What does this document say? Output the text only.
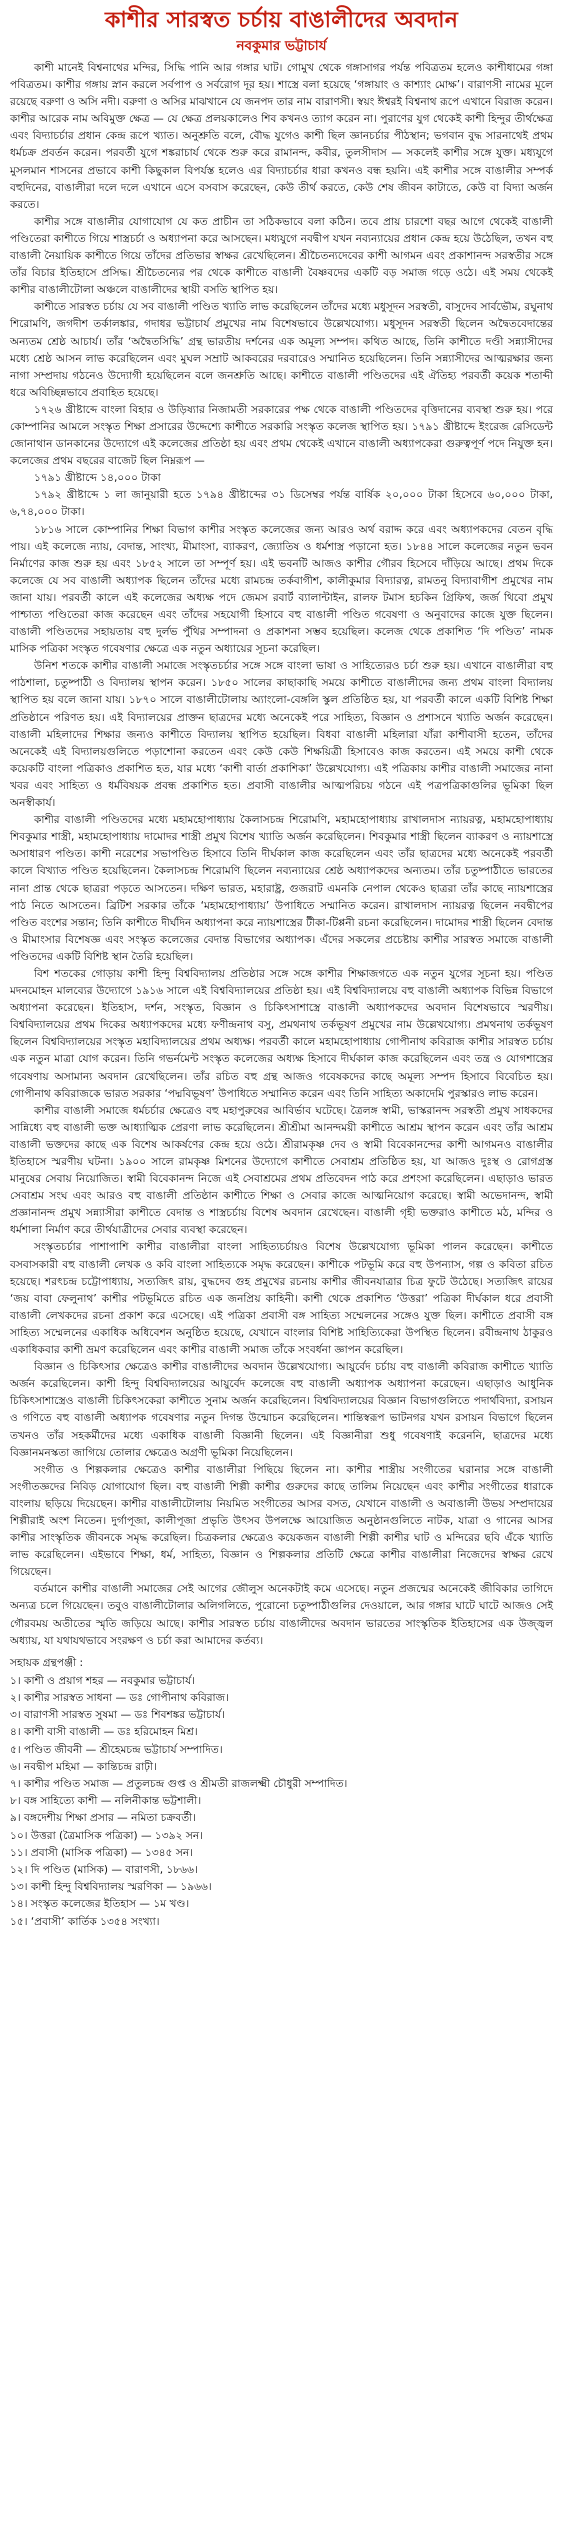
কাশীর সারস্বত চর্চায় বাঙালীদের অবদান
নবকুমার ভট্টাচার্য

কাশী মানেই বিশ্বনাথের মন্দির, সিদ্ধি পানি আর গঙ্গার ঘাট। গোমুখ থেকে গঙ্গাসাগর পর্যন্ত পবিত্রতম হলেও কাশীধামের গঙ্গা পবিত্রতম। কাশীর গঙ্গায় স্নান করলে সর্বপাপ ও সর্বরোগ দূর হয়। শাস্ত্রে বলা হয়েছে ‘গঙ্গায়াং ও কাশ্যাং মোক্ষ’। বারাণসী নামের মূলে রয়েছে বরুণা ও অসি নদী। বরুণা ও অসির মাঝখানে যে জনপদ তার নাম বারাণসী। স্বয়ং ঈশ্বরই বিশ্বনাথ রূপে এখানে বিরাজ করেন। কাশীর আরেক নাম অবিমুক্ত ক্ষেত্র — যে ক্ষেত্র প্রলয়কালেও শিব কখনও ত্যাগ করেন না। পুরাণের যুগ থেকেই কাশী হিন্দুর তীর্থক্ষেত্র এবং বিদ্যাচর্চার প্রধান কেন্দ্র রূপে খ্যাত। অনুশ্রুতি বলে, বৌদ্ধ যুগেও কাশী ছিল জ্ঞানচর্চার পীঠস্থান; ভগবান বুদ্ধ সারনাথেই প্রথম ধর্মচক্র প্রবর্তন করেন। পরবর্তী যুগে শঙ্করাচার্য থেকে শুরু করে রামানন্দ, কবীর, তুলসীদাস — সকলেই কাশীর সঙ্গে যুক্ত। মধ্যযুগে মুসলমান শাসনের প্রভাবে কাশী কিছুকাল বিপর্যস্ত হলেও এর বিদ্যাচর্চার ধারা কখনও বন্ধ হয়নি। এই কাশীর সঙ্গে বাঙালীর সম্পর্ক বহুদিনের, বাঙালীরা দলে দলে এখানে এসে বসবাস করেছেন, কেউ তীর্থ করতে, কেউ শেষ জীবন কাটাতে, কেউ বা বিদ্যা অর্জন করতে।

কাশীর সঙ্গে বাঙালীর যোগাযোগ যে কত প্রাচীন তা সঠিকভাবে বলা কঠিন। তবে প্রায় চারশো বছর আগে থেকেই বাঙালী পণ্ডিতেরা কাশীতে গিয়ে শাস্ত্রচর্চা ও অধ্যাপনা করে আসছেন। মধ্যযুগে নবদ্বীপ যখন নব্যন্যায়ের প্রধান কেন্দ্র হয়ে উঠেছিল, তখন বহু বাঙালী নৈয়ায়িক কাশীতে গিয়ে তাঁদের প্রতিভার স্বাক্ষর রেখেছিলেন। শ্রীচৈতন্যদেবের কাশী আগমন এবং প্রকাশানন্দ সরস্বতীর সঙ্গে তাঁর বিচার ইতিহাসে প্রসিদ্ধ। শ্রীচৈতন্যের পর থেকে কাশীতে বাঙালী বৈষ্ণবদের একটি বড় সমাজ গড়ে ওঠে। এই সময় থেকেই কাশীর বাঙালীটোলা অঞ্চলে বাঙালীদের স্থায়ী বসতি স্থাপিত হয়।

কাশীতে সারস্বত চর্চায় যে সব বাঙালী পণ্ডিত খ্যাতি লাভ করেছিলেন তাঁদের মধ্যে মধুসূদন সরস্বতী, বাসুদেব সার্বভৌম, রঘুনাথ শিরোমণি, জগদীশ তর্কালঙ্কার, গদাধর ভট্টাচার্য প্রমুখের নাম বিশেষভাবে উল্লেখযোগ্য। মধুসূদন সরস্বতী ছিলেন অদ্বৈতবেদান্তের অন্যতম শ্রেষ্ঠ আচার্য। তাঁর ‘অদ্বৈতসিদ্ধি’ গ্রন্থ ভারতীয় দর্শনের এক অমূল্য সম্পদ। কথিত আছে, তিনি কাশীতে দণ্ডী সন্ন্যাসীদের মধ্যে শ্রেষ্ঠ আসন লাভ করেছিলেন এবং মুঘল সম্রাট আকবরের দরবারেও সম্মানিত হয়েছিলেন। তিনি সন্ন্যাসীদের আত্মরক্ষার জন্য নাগা সম্প্রদায় গঠনেও উদ্যোগী হয়েছিলেন বলে জনশ্রুতি আছে। কাশীতে বাঙালী পণ্ডিতদের এই ঐতিহ্য পরবর্তী কয়েক শতাব্দী ধরে অবিচ্ছিন্নভাবে প্রবাহিত হয়েছে।

১৭২৬ খ্রীষ্টাব্দে বাংলা বিহার ও উড়িষ্যার নিজামতী সরকারের পক্ষ থেকে বাঙালী পণ্ডিতদের বৃত্তিদানের ব্যবস্থা শুরু হয়। পরে কোম্পানির আমলে সংস্কৃত শিক্ষা প্রসারের উদ্দেশ্যে কাশীতে সরকারি সংস্কৃত কলেজ স্থাপিত হয়। ১৭৯১ খ্রীষ্টাব্দে ইংরেজ রেসিডেন্ট জোনাথান ডানকানের উদ্যোগে এই কলেজের প্রতিষ্ঠা হয় এবং প্রথম থেকেই এখানে বাঙালী অধ্যাপকেরা গুরুত্বপূর্ণ পদে নিযুক্ত হন। কলেজের প্রথম বছরের বাজেট ছিল নিম্নরূপ —

১৭৯১ খ্রীষ্টাব্দে ১৪,০০০ টাকা

১৭৯২ খ্রীষ্টাব্দে ১ লা জানুয়ারী হতে ১৭৯৪ খ্রীষ্টাব্দের ৩১ ডিসেম্বর পর্যন্ত বার্ষিক ২০,০০০ টাকা হিসেবে ৬০,০০০ টাকা, ৬,৭৪,০০০ টাকা।

১৮১৬ সালে কোম্পানির শিক্ষা বিভাগ কাশীর সংস্কৃত কলেজের জন্য আরও অর্থ বরাদ্দ করে এবং অধ্যাপকদের বেতন বৃদ্ধি পায়। এই কলেজে ন্যায়, বেদান্ত, সাংখ্য, মীমাংসা, ব্যাকরণ, জ্যোতিষ ও ধর্মশাস্ত্র পড়ানো হত। ১৮৪৪ সালে কলেজের নতুন ভবন নির্মাণের কাজ শুরু হয় এবং ১৮৫২ সালে তা সম্পূর্ণ হয়। এই ভবনটি আজও কাশীর গৌরব হিসেবে দাঁড়িয়ে আছে। প্রথম দিকে কলেজে যে সব বাঙালী অধ্যাপক ছিলেন তাঁদের মধ্যে রামচন্দ্র তর্কবাগীশ, কালীকুমার বিদ্যারত্ন, রামতনু বিদ্যাবাগীশ প্রমুখের নাম জানা যায়। পরবর্তী কালে এই কলেজের অধ্যক্ষ পদে জেমস রবার্ট ব্যালান্টাইন, রালফ টমাস হচকিন গ্রিফিথ, জর্জ থিবো প্রমুখ পাশ্চাত্য পণ্ডিতেরা কাজ করেছেন এবং তাঁদের সহযোগী হিসাবে বহু বাঙালী পণ্ডিত গবেষণা ও অনুবাদের কাজে যুক্ত ছিলেন। বাঙালী পণ্ডিতদের সহায়তায় বহু দুর্লভ পুঁথির সম্পাদনা ও প্রকাশনা সম্ভব হয়েছিল। কলেজ থেকে প্রকাশিত ‘দি পণ্ডিত’ নামক মাসিক পত্রিকা সংস্কৃত গবেষণার ক্ষেত্রে এক নতুন অধ্যায়ের সূচনা করেছিল।

উনিশ শতকে কাশীর বাঙালী সমাজে সংস্কৃতচর্চার সঙ্গে সঙ্গে বাংলা ভাষা ও সাহিত্যেরও চর্চা শুরু হয়। এখানে বাঙালীরা বহু পাঠশালা, চতুষ্পাঠী ও বিদ্যালয় স্থাপন করেন। ১৮৫০ সালের কাছাকাছি সময়ে কাশীতে বাঙালীদের জন্য প্রথম বাংলা বিদ্যালয় স্থাপিত হয় বলে জানা যায়। ১৮৭০ সালে বাঙালীটোলায় অ্যাংলো-বেঙ্গলি স্কুল প্রতিষ্ঠিত হয়, যা পরবর্তী কালে একটি বিশিষ্ট শিক্ষা প্রতিষ্ঠানে পরিণত হয়। এই বিদ্যালয়ের প্রাক্তন ছাত্রদের মধ্যে অনেকেই পরে সাহিত্য, বিজ্ঞান ও প্রশাসনে খ্যাতি অর্জন করেছেন। বাঙালী মহিলাদের শিক্ষার জন্যও কাশীতে বিদ্যালয় স্থাপিত হয়েছিল। বিধবা বাঙালী মহিলারা যাঁরা কাশীবাসী হতেন, তাঁদের অনেকেই এই বিদ্যালয়গুলিতে পড়াশোনা করতেন এবং কেউ কেউ শিক্ষয়িত্রী হিসাবেও কাজ করতেন। এই সময়ে কাশী থেকে কয়েকটি বাংলা পত্রিকাও প্রকাশিত হত, যার মধ্যে ‘কাশী বার্তা প্রকাশিকা’ উল্লেখযোগ্য। এই পত্রিকায় কাশীর বাঙালী সমাজের নানা খবর এবং সাহিত্য ও ধর্মবিষয়ক প্রবন্ধ প্রকাশিত হত। প্রবাসী বাঙালীর আত্মপরিচয় গঠনে এই পত্রপত্রিকাগুলির ভূমিকা ছিল অনস্বীকার্য।

কাশীর বাঙালী পণ্ডিতদের মধ্যে মহামহোপাধ্যায় কৈলাসচন্দ্র শিরোমণি, মহামহোপাধ্যায় রাখালদাস ন্যায়রত্ন, মহামহোপাধ্যায় শিবকুমার শাস্ত্রী, মহামহোপাধ্যায় দামোদর শাস্ত্রী প্রমুখ বিশেষ খ্যাতি অর্জন করেছিলেন। শিবকুমার শাস্ত্রী ছিলেন ব্যাকরণ ও ন্যায়শাস্ত্রে অসাধারণ পণ্ডিত। কাশী নরেশের সভাপণ্ডিত হিসাবে তিনি দীর্ঘকাল কাজ করেছিলেন এবং তাঁর ছাত্রদের মধ্যে অনেকেই পরবর্তী কালে বিখ্যাত পণ্ডিত হয়েছিলেন। কৈলাসচন্দ্র শিরোমণি ছিলেন নব্যন্যায়ের শ্রেষ্ঠ অধ্যাপকদের অন্যতম। তাঁর চতুষ্পাঠীতে ভারতের নানা প্রান্ত থেকে ছাত্ররা পড়তে আসতেন। দক্ষিণ ভারত, মহারাষ্ট্র, গুজরাট এমনকি নেপাল থেকেও ছাত্ররা তাঁর কাছে ন্যায়শাস্ত্রের পাঠ নিতে আসতেন। ব্রিটিশ সরকার তাঁকে ‘মহামহোপাধ্যায়’ উপাধিতে সম্মানিত করেন। রাখালদাস ন্যায়রত্ন ছিলেন নবদ্বীপের পণ্ডিত বংশের সন্তান; তিনি কাশীতে দীর্ঘদিন অধ্যাপনা করে ন্যায়শাস্ত্রের টীকা-টিপ্পনী রচনা করেছিলেন। দামোদর শাস্ত্রী ছিলেন বেদান্ত ও মীমাংসার বিশেষজ্ঞ এবং সংস্কৃত কলেজের বেদান্ত বিভাগের অধ্যাপক। এঁদের সকলের প্রচেষ্টায় কাশীর সারস্বত সমাজে বাঙালী পণ্ডিতদের একটি বিশিষ্ট স্থান তৈরি হয়েছিল।

বিশ শতকের গোড়ায় কাশী হিন্দু বিশ্ববিদ্যালয় প্রতিষ্ঠার সঙ্গে সঙ্গে কাশীর শিক্ষাজগতে এক নতুন যুগের সূচনা হয়। পণ্ডিত মদনমোহন মালব্যের উদ্যোগে ১৯১৬ সালে এই বিশ্ববিদ্যালয়ের প্রতিষ্ঠা হয়। এই বিশ্ববিদ্যালয়ে বহু বাঙালী অধ্যাপক বিভিন্ন বিভাগে অধ্যাপনা করেছেন। ইতিহাস, দর্শন, সংস্কৃত, বিজ্ঞান ও চিকিৎসাশাস্ত্রে বাঙালী অধ্যাপকদের অবদান বিশেষভাবে স্মরণীয়। বিশ্ববিদ্যালয়ের প্রথম দিকের অধ্যাপকদের মধ্যে ফণীন্দ্রনাথ বসু, প্রমথনাথ তর্কভূষণ প্রমুখের নাম উল্লেখযোগ্য। প্রমথনাথ তর্কভূষণ ছিলেন বিশ্ববিদ্যালয়ের সংস্কৃত মহাবিদ্যালয়ের প্রথম অধ্যক্ষ। পরবর্তী কালে মহামহোপাধ্যায় গোপীনাথ কবিরাজ কাশীর সারস্বত চর্চায় এক নতুন মাত্রা যোগ করেন। তিনি গভর্নমেন্ট সংস্কৃত কলেজের অধ্যক্ষ হিসাবে দীর্ঘকাল কাজ করেছিলেন এবং তন্ত্র ও যোগশাস্ত্রের গবেষণায় অসামান্য অবদান রেখেছিলেন। তাঁর রচিত বহু গ্রন্থ আজও গবেষকদের কাছে অমূল্য সম্পদ হিসাবে বিবেচিত হয়। গোপীনাথ কবিরাজকে ভারত সরকার ‘পদ্মবিভূষণ’ উপাধিতে সম্মানিত করেন এবং তিনি সাহিত্য অকাদেমি পুরস্কারও লাভ করেন।

কাশীর বাঙালী সমাজে ধর্মচর্চার ক্ষেত্রেও বহু মহাপুরুষের আবির্ভাব ঘটেছে। ত্রৈলঙ্গ স্বামী, ভাস্করানন্দ সরস্বতী প্রমুখ সাধকদের সান্নিধ্যে বহু বাঙালী ভক্ত আধ্যাত্মিক প্রেরণা লাভ করেছিলেন। শ্রীশ্রীমা আনন্দময়ী কাশীতে আশ্রম স্থাপন করেন এবং তাঁর আশ্রম বাঙালী ভক্তদের কাছে এক বিশেষ আকর্ষণের কেন্দ্র হয়ে ওঠে। শ্রীরামকৃষ্ণ দেব ও স্বামী বিবেকানন্দের কাশী আগমনও বাঙালীর ইতিহাসে স্মরণীয় ঘটনা। ১৯০০ সালে রামকৃষ্ণ মিশনের উদ্যোগে কাশীতে সেবাশ্রম প্রতিষ্ঠিত হয়, যা আজও দুঃস্থ ও রোগগ্রস্ত মানুষের সেবায় নিয়োজিত। স্বামী বিবেকানন্দ নিজে এই সেবাশ্রমের প্রথম প্রতিবেদন পাঠ করে প্রশংসা করেছিলেন। এছাড়াও ভারত সেবাশ্রম সংঘ এবং আরও বহু বাঙালী প্রতিষ্ঠান কাশীতে শিক্ষা ও সেবার কাজে আত্মনিয়োগ করেছে। স্বামী অভেদানন্দ, স্বামী প্রজ্ঞানানন্দ প্রমুখ সন্ন্যাসীরা কাশীতে বেদান্ত ও শাস্ত্রচর্চায় বিশেষ অবদান রেখেছেন। বাঙালী গৃহী ভক্তরাও কাশীতে মঠ, মন্দির ও ধর্মশালা নির্মাণ করে তীর্থযাত্রীদের সেবার ব্যবস্থা করেছেন।

সংস্কৃতচর্চার পাশাপাশি কাশীর বাঙালীরা বাংলা সাহিত্যচর্চায়ও বিশেষ উল্লেখযোগ্য ভূমিকা পালন করেছেন। কাশীতে বসবাসকারী বহু বাঙালী লেখক ও কবি বাংলা সাহিত্যকে সমৃদ্ধ করেছেন। কাশীকে পটভূমি করে বহু উপন্যাস, গল্প ও কবিতা রচিত হয়েছে। শরৎচন্দ্র চট্টোপাধ্যায়, সত্যজিৎ রায়, বুদ্ধদেব গুহ প্রমুখের রচনায় কাশীর জীবনযাত্রার চিত্র ফুটে উঠেছে। সত্যজিৎ রায়ের ‘জয় বাবা ফেলুনাথ’ কাশীর পটভূমিতে রচিত এক জনপ্রিয় কাহিনী। কাশী থেকে প্রকাশিত ‘উত্তরা’ পত্রিকা দীর্ঘকাল ধরে প্রবাসী বাঙালী লেখকদের রচনা প্রকাশ করে এসেছে। এই পত্রিকা প্রবাসী বঙ্গ সাহিত্য সম্মেলনের সঙ্গেও যুক্ত ছিল। কাশীতে প্রবাসী বঙ্গ সাহিত্য সম্মেলনের একাধিক অধিবেশন অনুষ্ঠিত হয়েছে, যেখানে বাংলার বিশিষ্ট সাহিত্যিকেরা উপস্থিত ছিলেন। রবীন্দ্রনাথ ঠাকুরও একাধিকবার কাশী ভ্রমণ করেছিলেন এবং কাশীর বাঙালী সমাজ তাঁকে সংবর্ধনা জ্ঞাপন করেছিল।

বিজ্ঞান ও চিকিৎসার ক্ষেত্রেও কাশীর বাঙালীদের অবদান উল্লেখযোগ্য। আয়ুর্বেদ চর্চায় বহু বাঙালী কবিরাজ কাশীতে খ্যাতি অর্জন করেছিলেন। কাশী হিন্দু বিশ্ববিদ্যালয়ের আয়ুর্বেদ কলেজে বহু বাঙালী অধ্যাপক অধ্যাপনা করেছেন। এছাড়াও আধুনিক চিকিৎসাশাস্ত্রেও বাঙালী চিকিৎসকেরা কাশীতে সুনাম অর্জন করেছিলেন। বিশ্ববিদ্যালয়ের বিজ্ঞান বিভাগগুলিতে পদার্থবিদ্যা, রসায়ন ও গণিতে বহু বাঙালী অধ্যাপক গবেষণার নতুন দিগন্ত উন্মোচন করেছিলেন। শান্তিস্বরূপ ভাটনগর যখন রসায়ন বিভাগে ছিলেন তখনও তাঁর সহকর্মীদের মধ্যে একাধিক বাঙালী বিজ্ঞানী ছিলেন। এই বিজ্ঞানীরা শুধু গবেষণাই করেননি, ছাত্রদের মধ্যে বিজ্ঞানমনস্কতা জাগিয়ে তোলার ক্ষেত্রেও অগ্রণী ভূমিকা নিয়েছিলেন।

সংগীত ও শিল্পকলার ক্ষেত্রেও কাশীর বাঙালীরা পিছিয়ে ছিলেন না। কাশীর শাস্ত্রীয় সংগীতের ঘরানার সঙ্গে বাঙালী সংগীতজ্ঞদের নিবিড় যোগাযোগ ছিল। বহু বাঙালী শিল্পী কাশীর গুরুদের কাছে তালিম নিয়েছেন এবং কাশীর সংগীতের ধারাকে বাংলায় ছড়িয়ে দিয়েছেন। কাশীর বাঙালীটোলায় নিয়মিত সংগীতের আসর বসত, যেখানে বাঙালী ও অবাঙালী উভয় সম্প্রদায়ের শিল্পীরাই অংশ নিতেন। দুর্গাপূজা, কালীপূজা প্রভৃতি উৎসব উপলক্ষে আয়োজিত অনুষ্ঠানগুলিতে নাটক, যাত্রা ও গানের আসর কাশীর সাংস্কৃতিক জীবনকে সমৃদ্ধ করেছিল। চিত্রকলার ক্ষেত্রেও কয়েকজন বাঙালী শিল্পী কাশীর ঘাট ও মন্দিরের ছবি এঁকে খ্যাতি লাভ করেছিলেন। এইভাবে শিক্ষা, ধর্ম, সাহিত্য, বিজ্ঞান ও শিল্পকলার প্রতিটি ক্ষেত্রে কাশীর বাঙালীরা নিজেদের স্বাক্ষর রেখে গিয়েছেন।

বর্তমানে কাশীর বাঙালী সমাজের সেই আগের জৌলুস অনেকটাই কমে এসেছে। নতুন প্রজন্মের অনেকেই জীবিকার তাগিদে অন্যত্র চলে গিয়েছেন। তবুও বাঙালীটোলার অলিগলিতে, পুরোনো চতুষ্পাঠীগুলির দেওয়ালে, আর গঙ্গার ঘাটে ঘাটে আজও সেই গৌরবময় অতীতের স্মৃতি জড়িয়ে আছে। কাশীর সারস্বত চর্চায় বাঙালীদের অবদান ভারতের সাংস্কৃতিক ইতিহাসের এক উজ্জ্বল অধ্যায়, যা যথাযথভাবে সংরক্ষণ ও চর্চা করা আমাদের কর্তব্য।

সহায়ক গ্রন্থপঞ্জী :
১। কাশী ও প্রয়াগ শহর — নবকুমার ভট্টাচার্য।
২। কাশীর সারস্বত সাধনা — ডঃ গোপীনাথ কবিরাজ।
৩। বারাণসী সারস্বত সুষমা — ডঃ শিবশঙ্কর ভট্টাচার্য।
৪। কাশী বাসী বাঙালী — ডঃ হরিমোহন মিশ্র।
৫। পণ্ডিত জীবনী — শ্রীহেমচন্দ্র ভট্টাচার্য সম্পাদিত।
৬। নবদ্বীপ মহিমা — কান্তিচন্দ্র রাঢ়ী।
৭। কাশীর পণ্ডিত সমাজ — প্রতুলচন্দ্র গুপ্ত ও শ্রীমতী রাজলক্ষ্মী চৌধুরী সম্পাদিত।
৮। বঙ্গ সাহিত্যে কাশী — নলিনীকান্ত ভট্টশালী।
৯। বঙ্গদেশীয় শিক্ষা প্রসার — নমিতা চক্রবর্তী।
১০। উত্তরা (ত্রৈমাসিক পত্রিকা) — ১৩৯২ সন।
১১। প্রবাসী (মাসিক পত্রিকা) — ১৩৪৫ সন।
১২। দি পণ্ডিত (মাসিক) — বারাণসী, ১৮৬৬।
১৩। কাশী হিন্দু বিশ্ববিদ্যালয় স্মরণিকা — ১৯৬৬।
১৪। সংস্কৃত কলেজের ইতিহাস — ১ম খণ্ড।
১৫। ‘প্রবাসী’ কার্তিক ১৩৫৪ সংখ্যা।
